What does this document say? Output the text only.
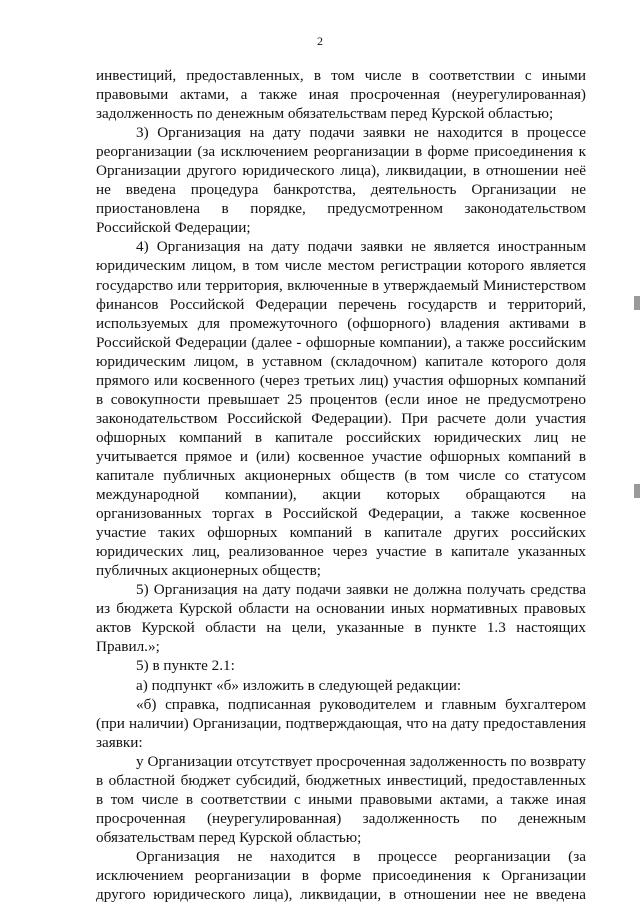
2
инвестиций, предоставленных, в том числе в соответствии с иными
правовыми актами, а также иная просроченная (неурегулированная)
задолженность по денежным обязательствам перед Курской областью;
3) Организация на дату подачи заявки не находится в процессе
реорганизации (за исключением реорганизации в форме присоединения к
Организации другого юридического лица), ликвидации, в отношении неё
не введена процедура банкротства, деятельность Организации не
приостановлена в порядке, предусмотренном законодательством
Российской Федерации;
4) Организация на дату подачи заявки не является иностранным
юридическим лицом, в том числе местом регистрации которого является
государство или территория, включенные в утверждаемый Министерством
финансов Российской Федерации перечень государств и территорий,
используемых для промежуточного (офшорного) владения активами в
Российской Федерации (далее - офшорные компании), а также российским
юридическим лицом, в уставном (складочном) капитале которого доля
прямого или косвенного (через третьих лиц) участия офшорных компаний
в совокупности превышает 25 процентов (если иное не предусмотрено
законодательством Российской Федерации). При расчете доли участия
офшорных компаний в капитале российских юридических лиц не
учитывается прямое и (или) косвенное участие офшорных компаний в
капитале публичных акционерных обществ (в том числе со статусом
международной компании), акции которых обращаются на
организованных торгах в Российской Федерации, а также косвенное
участие таких офшорных компаний в капитале других российских
юридических лиц, реализованное через участие в капитале указанных
публичных акционерных обществ;
5) Организация на дату подачи заявки не должна получать средства
из бюджета Курской области на основании иных нормативных правовых
актов Курской области на цели, указанные в пункте 1.3 настоящих
Правил.»;
5) в пункте 2.1:
а) подпункт «б» изложить в следующей редакции:
«б) справка, подписанная руководителем и главным бухгалтером
(при наличии) Организации, подтверждающая, что на дату предоставления
заявки:
у Организации отсутствует просроченная задолженность по возврату
в областной бюджет субсидий, бюджетных инвестиций, предоставленных
в том числе в соответствии с иными правовыми актами, а также иная
просроченная (неурегулированная) задолженность по денежным
обязательствам перед Курской областью;
Организация не находится в процессе реорганизации (за
исключением реорганизации в форме присоединения к Организации
другого юридического лица), ликвидации, в отношении нее не введена
